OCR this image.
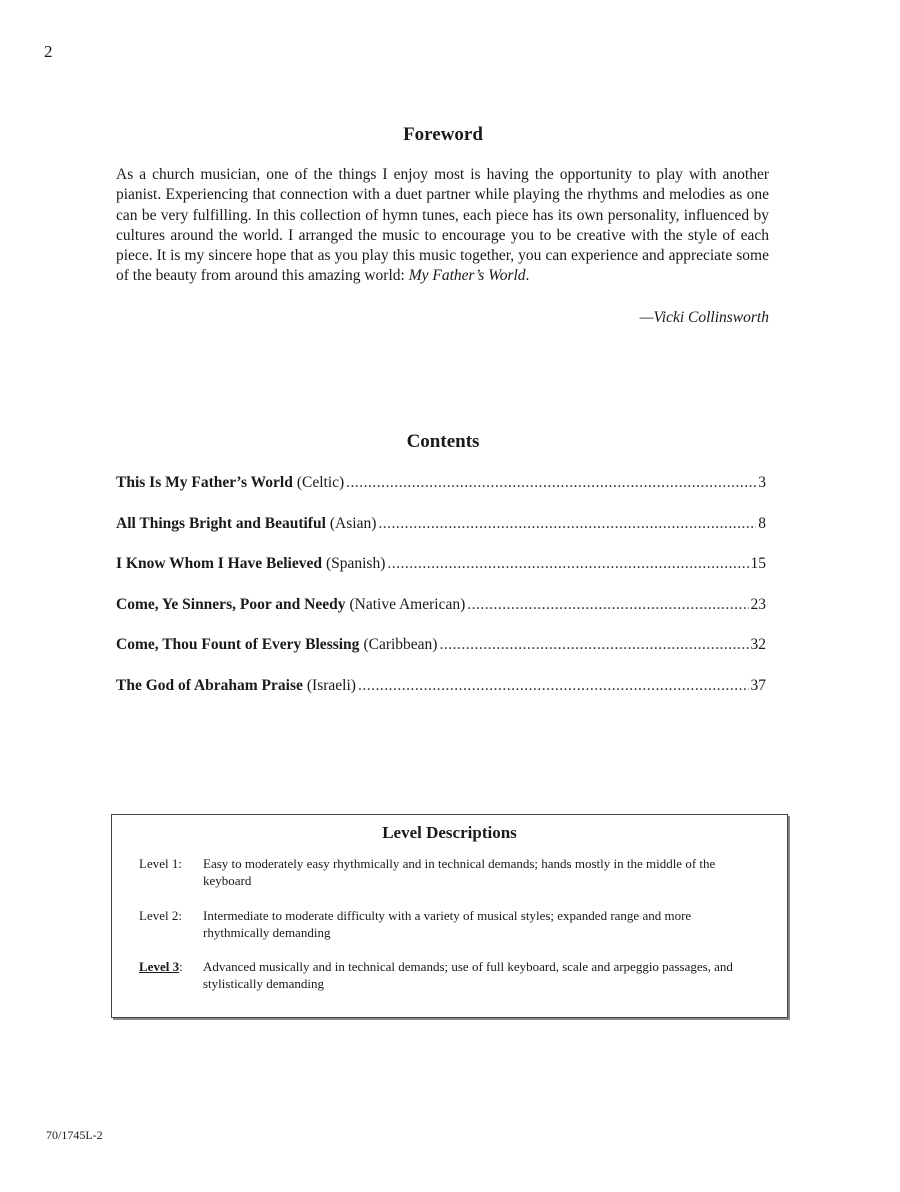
2
Foreword

As a church musician, one of the things I enjoy most is having the opportunity to play with another pianist. Experiencing that connection with a duet partner while playing the rhythms and melodies as one can be very fulfilling. In this collection of hymn tunes, each piece has its own personality, influenced by cultures around the world. I arranged the music to encourage you to be creative with the style of each piece. It is my sincere hope that as you play this music together, you can experience and appreciate some of the beauty from around this amazing world: My Father’s World.

—Vicki Collinsworth
Contents
This Is My Father’s World (Celtic) .....	3
All Things Bright and Beautiful (Asian) .....	8
I Know Whom I Have Believed (Spanish) .....	15
Come, Ye Sinners, Poor and Needy (Native American) .....	23
Come, Thou Fount of Every Blessing (Caribbean) .....	32
The God of Abraham Praise (Israeli) .....	37
Level Descriptions
Level 1:	Easy to moderately easy rhythmically and in technical demands; hands mostly in the middle of the keyboard
Level 2:	Intermediate to moderate difficulty with a variety of musical styles; expanded range and more rhythmically demanding
Level 3:	Advanced musically and in technical demands; use of full keyboard, scale and arpeggio passages, and stylistically demanding
70/1745L-2
